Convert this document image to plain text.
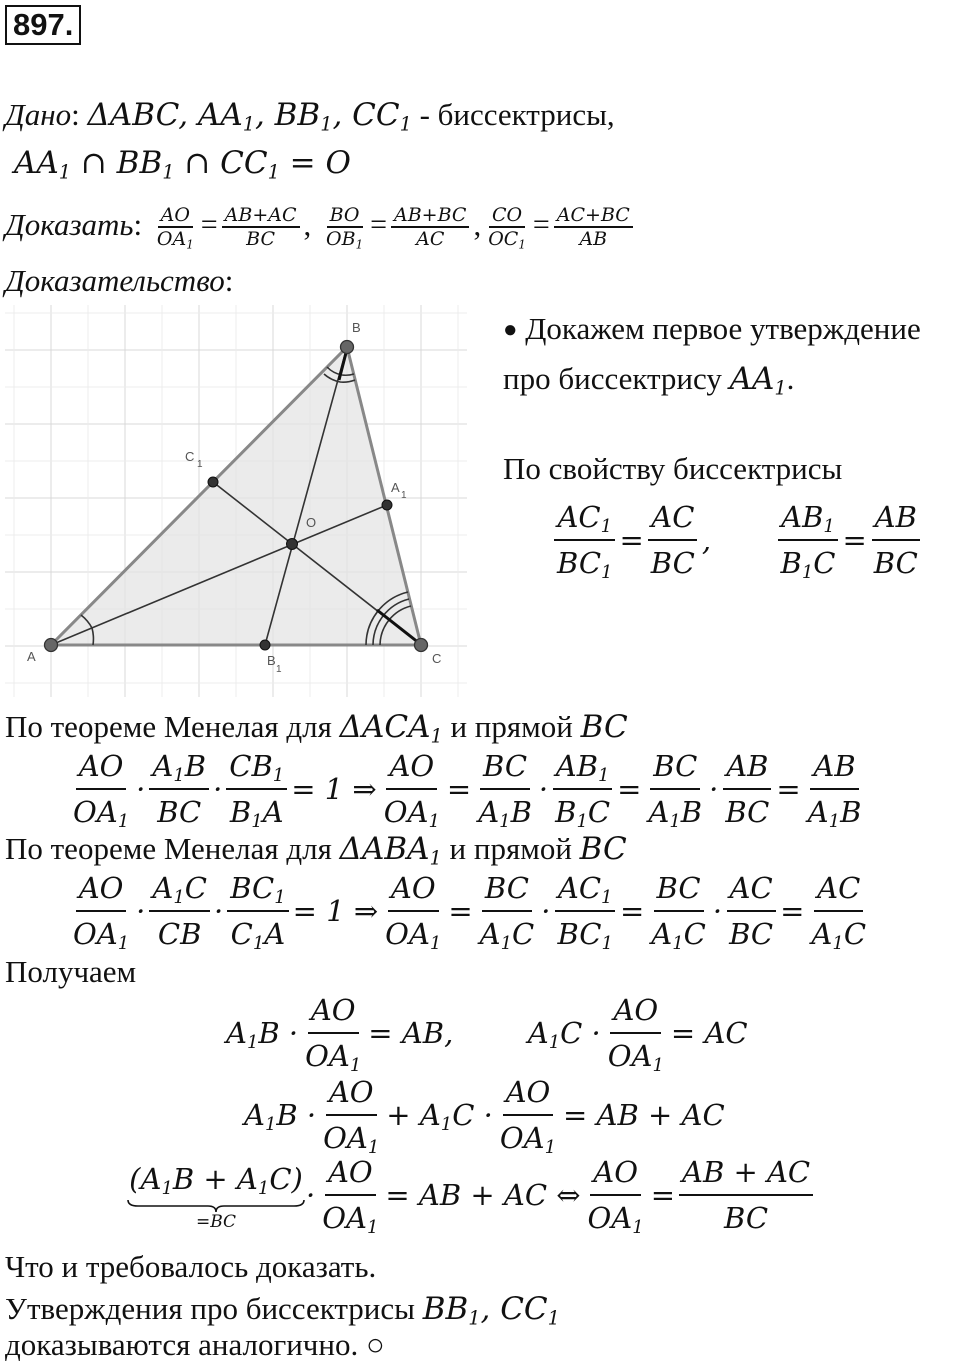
897.
Дано: ΔABC, $AA_1$, $BB_1$, $CC_1$ - биссектрисы,
$AA_1$ ∩ $BB_1$ ∩ $CC_1 = O$
Доказать: $\frac{AO}{OA_1} = \frac{AB+AC}{BC}$ , $\frac{BO}{OB_1} = \frac{AB+BC}{AC}$ , $\frac{CO}{OC_1} = \frac{AC+BC}{AB}$
Доказательство:
A
B
C
O
A
1
B
1
C
1
● Докажем первое утверждение
про биссектрису $AA_1$.
По свойству биссектрисы
$\frac{AC_1}{BC_1} = \frac{AC}{BC}$ , $\frac{AB_1}{B_1C} = \frac{AB}{BC}$
По теореме Менелая для $\Delta ACA_1$ и прямой BC
$\frac{AO}{OA_1} \cdot \frac{A_1B}{BC} \cdot \frac{CB_1}{B_1A} = 1$ ⇒ $\frac{AO}{OA_1} = \frac{BC}{A_1B} \cdot \frac{AB_1}{B_1C} = \frac{BC}{A_1B} \cdot \frac{AB}{BC} = \frac{AB}{A_1B}$
По теореме Менелая для $\Delta ABA_1$ и прямой BC
$\frac{AO}{OA_1} \cdot \frac{A_1C}{CB} \cdot \frac{BC_1}{C_1A} = 1$ ⇒ $\frac{AO}{OA_1} = \frac{BC}{A_1C} \cdot \frac{AC_1}{BC_1} = \frac{BC}{A_1C} \cdot \frac{AC}{BC} = \frac{AC}{A_1C}$
Получаем
$A_1B \cdot \frac{AO}{OA_1}$ = AB,	$A_1C \cdot \frac{AO}{OA_1}$ = AC
$A_1B \cdot \frac{AO}{OA_1} + A_1C \cdot \frac{AO}{OA_1}$ = AB + AC
$(A_1B + A_1C)$
=BC
· $\frac{AO}{OA_1}$ = AB + AC ⇔ $\frac{AO}{OA_1} = \frac{AB + AC}{BC}$
Что и требовалось доказать.
Утверждения про биссектрисы $BB_1$, $CC_1$
доказываются аналогично. ○
